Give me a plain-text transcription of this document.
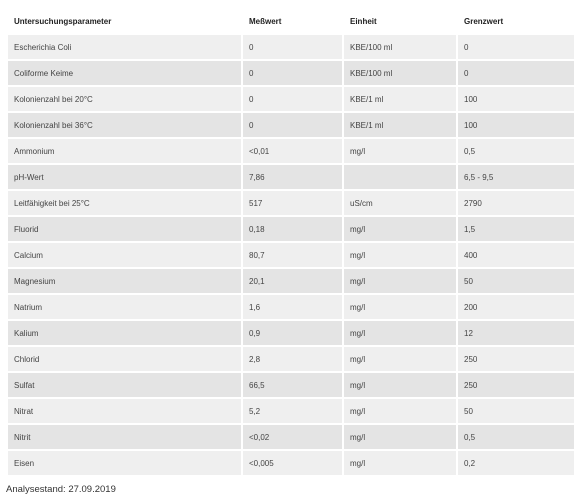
Untersuchungsparameter	Meßwert	Einheit	Grenzwert
Escherichia Coli	0	KBE/100 ml	0
Coliforme Keime	0	KBE/100 ml	0
Kolonienzahl bei 20°C	0	KBE/1 ml	100
Kolonienzahl bei 36°C	0	KBE/1 ml	100
Ammonium	<0,01	mg/l	0,5
pH-Wert	7,86		6,5 - 9,5
Leitfähigkeit bei 25°C	517	uS/cm	2790
Fluorid	0,18	mg/l	1,5
Calcium	80,7	mg/l	400
Magnesium	20,1	mg/l	50
Natrium	1,6	mg/l	200
Kalium	0,9	mg/l	12
Chlorid	2,8	mg/l	250
Sulfat	66,5	mg/l	250
Nitrat	5,2	mg/l	50
Nitrit	<0,02	mg/l	0,5
Eisen	<0,005	mg/l	0,2
Analysestand: 27.09.2019
